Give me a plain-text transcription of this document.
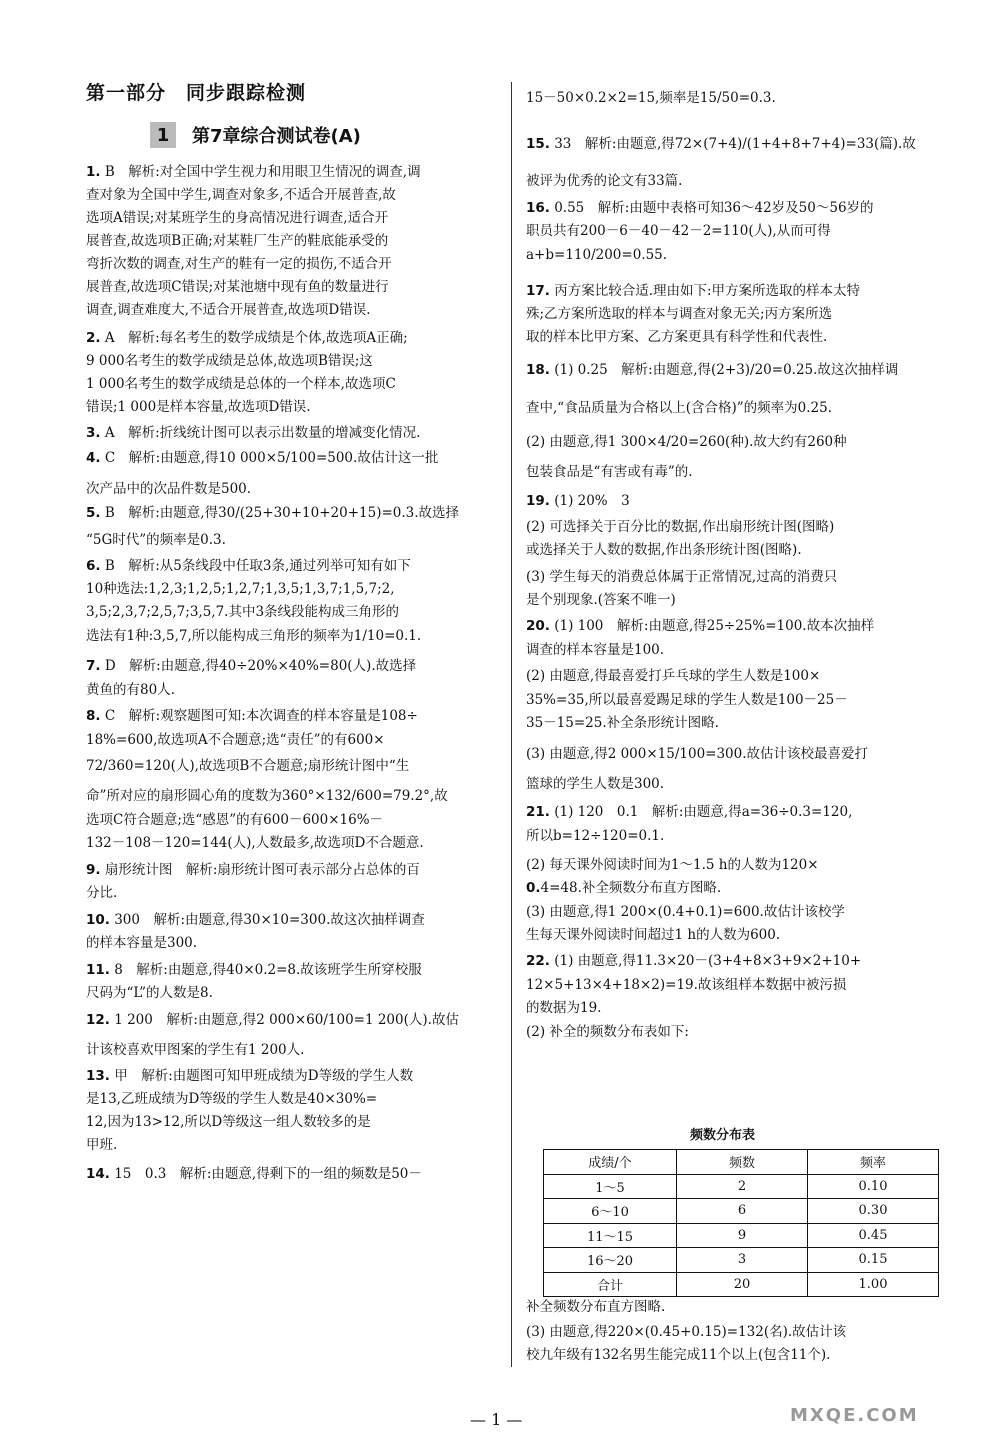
第一部分　同步跟踪检测
1	第7章综合测试卷(A)
1. B　解析:对全国中学生视力和用眼卫生情况的调查,调
查对象为全国中学生,调查对象多,不适合开展普查,故
选项A错误;对某班学生的身高情况进行调查,适合开
展普查,故选项B正确;对某鞋厂生产的鞋底能承受的
弯折次数的调查,对生产的鞋有一定的损伤,不适合开
展普查,故选项C错误;对某池塘中现有鱼的数量进行
调查,调查难度大,不适合开展普查,故选项D错误.
2. A　解析:每名考生的数学成绩是个体,故选项A正确;
9 000名考生的数学成绩是总体,故选项B错误;这
1 000名考生的数学成绩是总体的一个样本,故选项C
错误;1 000是样本容量,故选项D错误.
3. A　解析:折线统计图可以表示出数量的增减变化情况.
4. C　解析:由题意,得10 000×5/100=500.故估计这一批
次产品中的次品件数是500.
5. B　解析:由题意,得30/(25+30+10+20+15)=0.3.故选择
“5G时代”的频率是0.3.
6. B　解析:从5条线段中任取3条,通过列举可知有如下
10种选法:1,2,3;1,2,5;1,2,7;1,3,5;1,3,7;1,5,7;2,
3,5;2,3,7;2,5,7;3,5,7.其中3条线段能构成三角形的
选法有1种:3,5,7,所以能构成三角形的频率为1/10=0.1.
7. D　解析:由题意,得40÷20%×40%=80(人).故选择
黄鱼的有80人.
8. C　解析:观察题图可知:本次调查的样本容量是108÷
18%=600,故选项A不合题意;选“责任”的有600×
72/360=120(人),故选项B不合题意;扇形统计图中“生
命”所对应的扇形圆心角的度数为360°×132/600=79.2°,故
选项C符合题意;选“感恩”的有600－600×16%－
132－108－120=144(人),人数最多,故选项D不合题意.
9. 扇形统计图　解析:扇形统计图可表示部分占总体的百
分比.
10. 300　解析:由题意,得30×10=300.故这次抽样调查
的样本容量是300.
11. 8　解析:由题意,得40×0.2=8.故该班学生所穿校服
尺码为“L”的人数是8.
12. 1 200　解析:由题意,得2 000×60/100=1 200(人).故估
计该校喜欢甲图案的学生有1 200人.
13. 甲　解析:由题图可知甲班成绩为D等级的学生人数
是13,乙班成绩为D等级的学生人数是40×30%=
12,因为13>12,所以D等级这一组人数较多的是
甲班.
14. 15　0.3　解析:由题意,得剩下的一组的频数是50－
15－50×0.2×2=15,频率是15/50=0.3.
15. 33　解析:由题意,得72×(7+4)/(1+4+8+7+4)=33(篇).故
被评为优秀的论文有33篇.
16. 0.55　解析:由题中表格可知36～42岁及50～56岁的
职员共有200－6－40－42－2=110(人),从而可得
a+b=110/200=0.55.
17. 丙方案比较合适.理由如下:甲方案所选取的样本太特
殊;乙方案所选取的样本与调查对象无关;丙方案所选
取的样本比甲方案、乙方案更具有科学性和代表性.
18. (1) 0.25　解析:由题意,得(2+3)/20=0.25.故这次抽样调
查中,“食品质量为合格以上(含合格)”的频率为0.25.
(2) 由题意,得1 300×4/20=260(种).故大约有260种
包装食品是“有害或有毒”的.
19. (1) 20%　3
(2) 可选择关于百分比的数据,作出扇形统计图(图略)
或选择关于人数的数据,作出条形统计图(图略).
(3) 学生每天的消费总体属于正常情况,过高的消费只
是个别现象.(答案不唯一)
20. (1) 100　解析:由题意,得25÷25%=100.故本次抽样
调查的样本容量是100.
(2) 由题意,得最喜爱打乒乓球的学生人数是100×
35%=35,所以最喜爱踢足球的学生人数是100－25－
35－15=25.补全条形统计图略.
(3) 由题意,得2 000×15/100=300.故估计该校最喜爱打
篮球的学生人数是300.
21. (1) 120　0.1　解析:由题意,得a=36÷0.3=120,
所以b=12÷120=0.1.
(2) 每天课外阅读时间为1～1.5 h的人数为120×
0.4=48.补全频数分布直方图略.
(3) 由题意,得1 200×(0.4+0.1)=600.故估计该校学
生每天课外阅读时间超过1 h的人数为600.
22. (1) 由题意,得11.3×20－(3+4+8×3+9×2+10+
12×5+13×4+18×2)=19.故该组样本数据中被污损
的数据为19.
(2) 补全的频数分布表如下:
补全频数分布直方图略.
(3) 由题意,得220×(0.45+0.15)=132(名).故估计该
校九年级有132名男生能完成11个以上(包含11个).
频数分布表
成绩/个	频数	频率
1～5	2	0.10
6～10	6	0.30
11～15	9	0.45
16～20	3	0.15
合计	20	1.00
— 1 —	MXQE.COM
